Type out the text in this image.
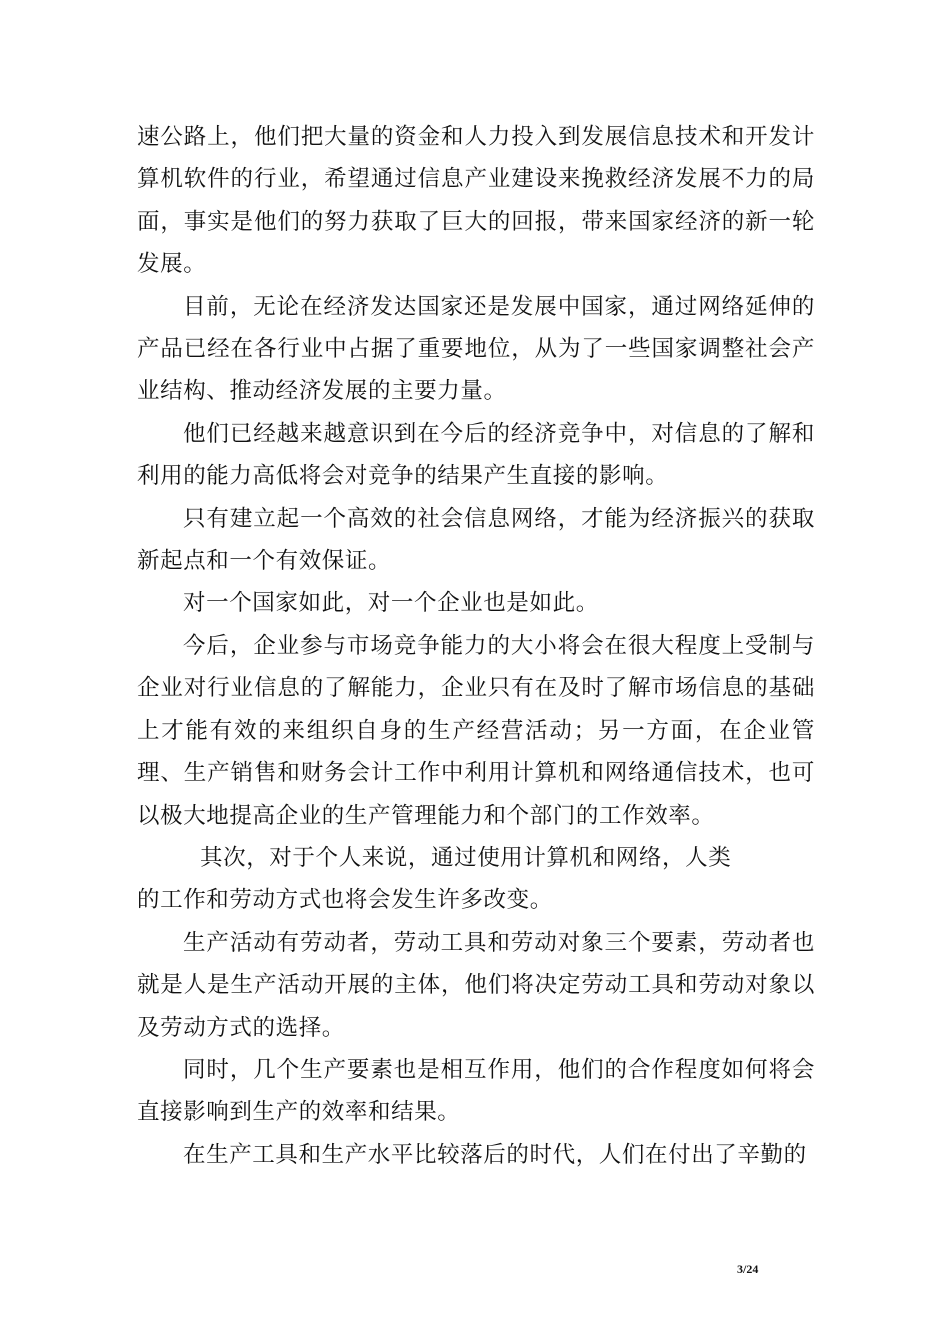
速公路上，他们把大量的资金和人力投入到发展信息技术和开发计算机软件的行业，希望通过信息产业建设来挽救经济发展不力的局面，事实是他们的努力获取了巨大的回报，带来国家经济的新一轮发展。

目前，无论在经济发达国家还是发展中国家，通过网络延伸的产品已经在各行业中占据了重要地位，从为了一些国家调整社会产业结构、推动经济发展的主要力量。

他们已经越来越意识到在今后的经济竞争中，对信息的了解和利用的能力高低将会对竞争的结果产生直接的影响。

只有建立起一个高效的社会信息网络，才能为经济振兴的获取新起点和一个有效保证。

对一个国家如此，对一个企业也是如此。

今后，企业参与市场竞争能力的大小将会在很大程度上受制与企业对行业信息的了解能力，企业只有在及时了解市场信息的基础上才能有效的来组织自身的生产经营活动；另一方面，在企业管理、生产销售和财务会计工作中利用计算机和网络通信技术，也可以极大地提高企业的生产管理能力和个部门的工作效率。

其次，对于个人来说，通过使用计算机和网络，人类

的工作和劳动方式也将会发生许多改变。

生产活动有劳动者，劳动工具和劳动对象三个要素，劳动者也就是人是生产活动开展的主体，他们将决定劳动工具和劳动对象以及劳动方式的选择。

同时，几个生产要素也是相互作用，他们的合作程度如何将会直接影响到生产的效率和结果。

在生产工具和生产水平比较落后的时代，人们在付出了辛勤的

3/24
